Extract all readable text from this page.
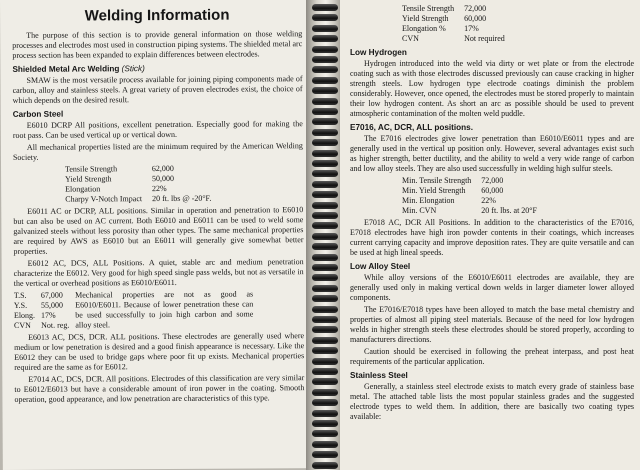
Welding Information

The purpose of this section is to provide general information on those welding processes and electrodes most used in construction piping systems. The shielded metal arc process section has been expanded to explain differences between electrodes.

Shielded Metal Arc Welding (Stick)

SMAW is the most versatile process available for joining piping components made of carbon, alloy and stainless steels. A great variety of proven electrodes exist, the choice of which depends on the desired result.

Carbon Steel

E6010 DCRP All positions, excellent penetration. Especially good for making the root pass. Can be used vertical up or vertical down.

All mechanical properties listed are the minimum required by the American Welding Society.

Tensile Strength	62,000
Yield Strength	50,000
Elongation	22%
Charpy V-Notch Impact	20 ft. lbs @ -20°F.

E6011 AC or DCRP, ALL positions. Similar in operation and penetration to E6010 but can also be used on AC current. Both E6010 and E6011 can be used to weld some galvanized steels without less porosity than other types. The same mechanical properties are required by AWS as E6010 but an E6011 will generally give somewhat better properties.

E6012 AC, DCS, ALL Positions. A quiet, stable arc and medium penetration characterize the E6012. Very good for high speed single pass welds, but not as versatile in the vertical or overhead positions as E6010/E6011.

T.S.	67,000
Y.S.	55,000
Elong.	17%
CVN	Not. reg.
Mechanical properties are not as good as E6010/E6011. Because of lower penetration these can be used successfully to join high carbon and some alloy steel.

E6013 AC, DCS, DCR. ALL positions. These electrodes are generally used where medium or low penetration is desired and a good finish appearance is necessary. Like the E6012 they can be used to bridge gaps where poor fit up exists. Mechanical properties required are the same as for E6012.

E7014 AC, DCS, DCR. All positions. Electrodes of this classification are very similar to E6012/E6013 but have a considerable amount of iron power in the coating. Smooth operation, good appearance, and low penetration are characteristics of this type.

Tensile Strength	72,000
Yield Strength	60,000
Elongation %	17%
CVN	Not required
Low Hydrogen

Hydrogen introduced into the weld via dirty or wet plate or from the electrode coating such as with those electrodes discussed previously can cause cracking in higher strength steels. Low hydrogen type electrode coatings diminish the problem considerably. However, once opened, the electrodes must be stored properly to maintain their low hydrogen content. As short an arc as possible should be used to prevent atmospheric contamination of the molten weld puddle.

E7016, AC, DCR, ALL positions.

The E7016 electrodes give lower penetration than E6010/E6011 types and are generally used in the vertical up position only. However, several advantages exist such as higher strength, better ductility, and the ability to weld a very wide range of carbon and low alloy steels. They are also used successfully in welding high sulfur steels.

Min. Tensile Strength	72,000
Min. Yield Strength	60,000
Min. Elongation	22%
Min. CVN	20 ft. lbs. at 20°F

E7018 AC, DCR All Positions. In addition to the characteristics of the E7016, E7018 electrodes have high iron powder contents in their coatings, which increases current carrying capacity and improve deposition rates. They are quite versatile and can be used at high lineal speeds.

Low Alloy Steel

While alloy versions of the E6010/E6011 electrodes are available, they are generally used only in making vertical down welds in larger diameter lower alloyed components.

The E7016/E7018 types have been alloyed to match the base metal chemistry and properties of almost all piping steel materials. Because of the need for low hydrogen welds in higher strength steels these electrodes should be stored properly, according to manufacturers directions.

Caution should be exercised in following the preheat interpass, and post heat requirements of the particular application.

Stainless Steel

Generally, a stainless steel electrode exists to match every grade of stainless base metal. The attached table lists the most popular stainless grades and the suggested electrode types to weld them. In addition, there are basically two coating types available:
